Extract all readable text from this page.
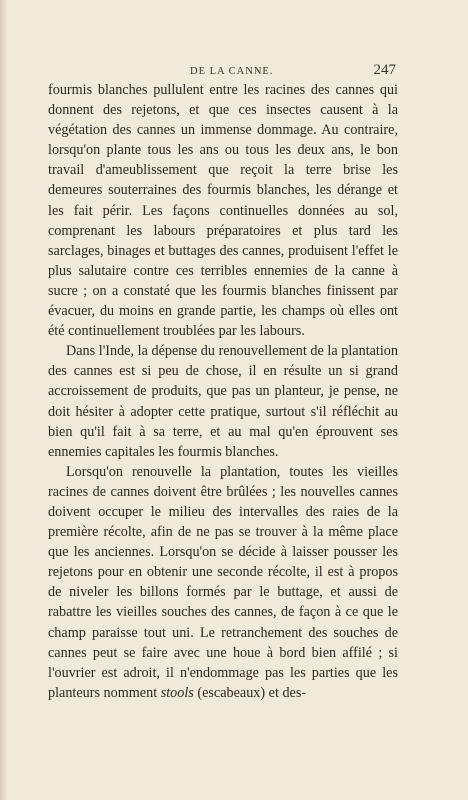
DE LA CANNE.	247

fourmis blanches pullulent entre les racines des cannes qui donnent des rejetons, et que ces insectes causent à la végétation des cannes un immense dommage. Au contraire, lorsqu'on plante tous les ans ou tous les deux ans, le bon travail d'ameublissement que reçoit la terre brise les demeures souterraines des fourmis blanches, les dérange et les fait périr. Les façons continuelles données au sol, comprenant les labours préparatoires et plus tard les sarclages, binages et buttages des cannes, produisent l'effet le plus salutaire contre ces terribles ennemies de la canne à sucre ; on a constaté que les fourmis blanches finissent par évacuer, du moins en grande partie, les champs où elles ont été continuellement troublées par les labours.

Dans l'Inde, la dépense du renouvellement de la plantation des cannes est si peu de chose, il en résulte un si grand accroissement de produits, que pas un planteur, je pense, ne doit hésiter à adopter cette pratique, surtout s'il réfléchit au bien qu'il fait à sa terre, et au mal qu'en éprouvent ses ennemies capitales les fourmis blanches.

Lorsqu'on renouvelle la plantation, toutes les vieilles racines de cannes doivent être brûlées ; les nouvelles cannes doivent occuper le milieu des intervalles des raies de la première récolte, afin de ne pas se trouver à la même place que les anciennes. Lorsqu'on se décide à laisser pousser les rejetons pour en obtenir une seconde récolte, il est à propos de niveler les billons formés par le buttage, et aussi de rabattre les vieilles souches des cannes, de façon à ce que le champ paraisse tout uni. Le retranchement des souches de cannes peut se faire avec une houe à bord bien affilé ; si l'ouvrier est adroit, il n'endommage pas les parties que les planteurs nomment stools (escabeaux) et des-
